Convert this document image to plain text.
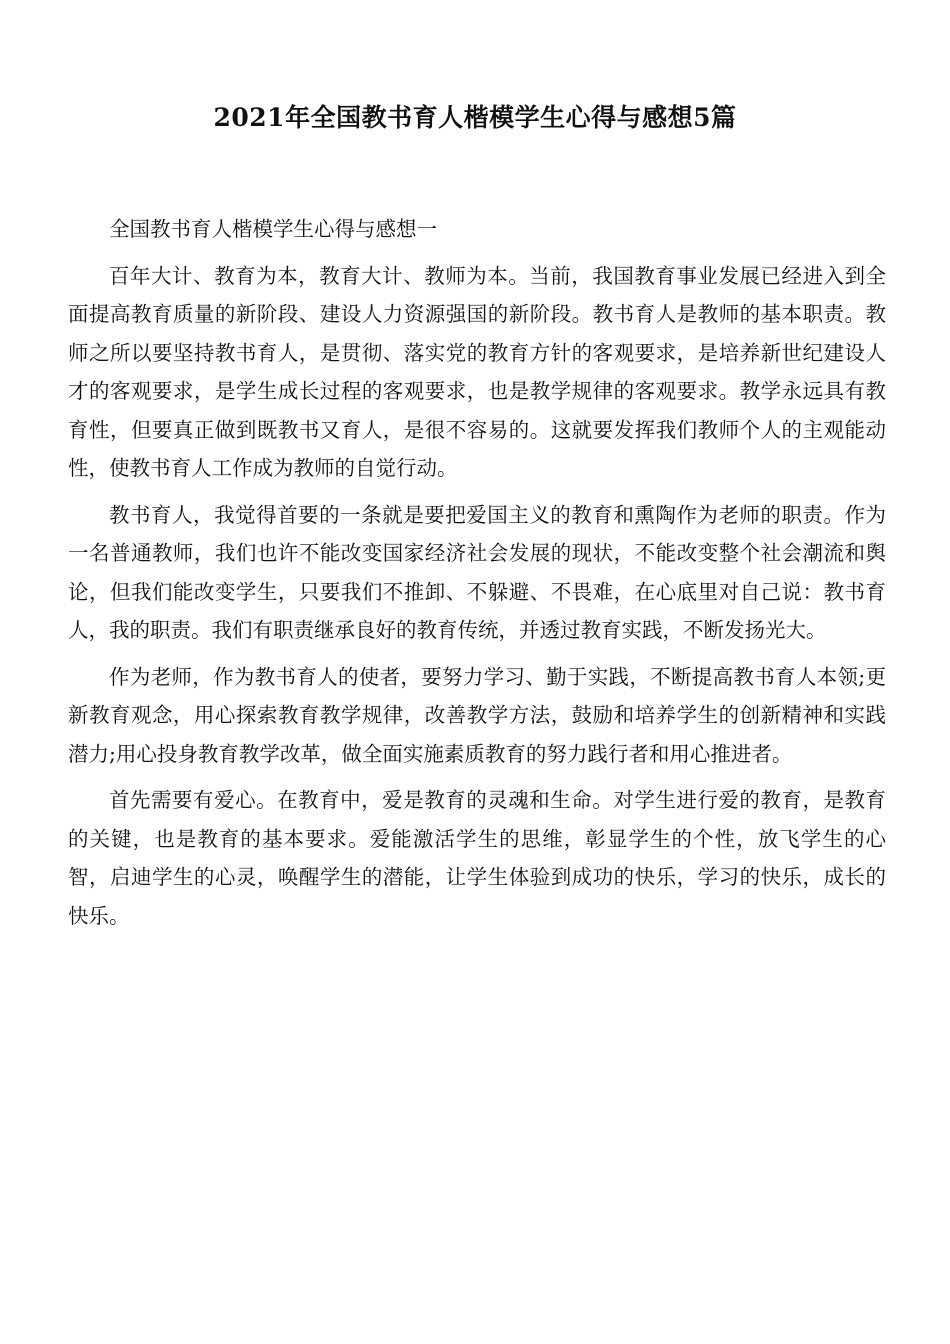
2021年全国教书育人楷模学生心得与感想5篇

全国教书育人楷模学生心得与感想一

百年大计、教育为本，教育大计、教师为本。当前，我国教育事业发展已经进入到全面提高教育质量的新阶段、建设人力资源强国的新阶段。教书育人是教师的基本职责。教师之所以要坚持教书育人，是贯彻、落实党的教育方针的客观要求，是培养新世纪建设人才的客观要求，是学生成长过程的客观要求，也是教学规律的客观要求。教学永远具有教育性，但要真正做到既教书又育人，是很不容易的。这就要发挥我们教师个人的主观能动性，使教书育人工作成为教师的自觉行动。

教书育人，我觉得首要的一条就是要把爱国主义的教育和熏陶作为老师的职责。作为一名普通教师，我们也许不能改变国家经济社会发展的现状，不能改变整个社会潮流和舆论，但我们能改变学生，只要我们不推卸、不躲避、不畏难，在心底里对自己说：教书育人，我的职责。我们有职责继承良好的教育传统，并透过教育实践，不断发扬光大。

作为老师，作为教书育人的使者，要努力学习、勤于实践，不断提高教书育人本领;更新教育观念，用心探索教育教学规律，改善教学方法，鼓励和培养学生的创新精神和实践潜力;用心投身教育教学改革，做全面实施素质教育的努力践行者和用心推进者。

首先需要有爱心。在教育中，爱是教育的灵魂和生命。对学生进行爱的教育，是教育的关键，也是教育的基本要求。爱能激活学生的思维，彰显学生的个性，放飞学生的心智，启迪学生的心灵，唤醒学生的潜能，让学生体验到成功的快乐，学习的快乐，成长的快乐。
